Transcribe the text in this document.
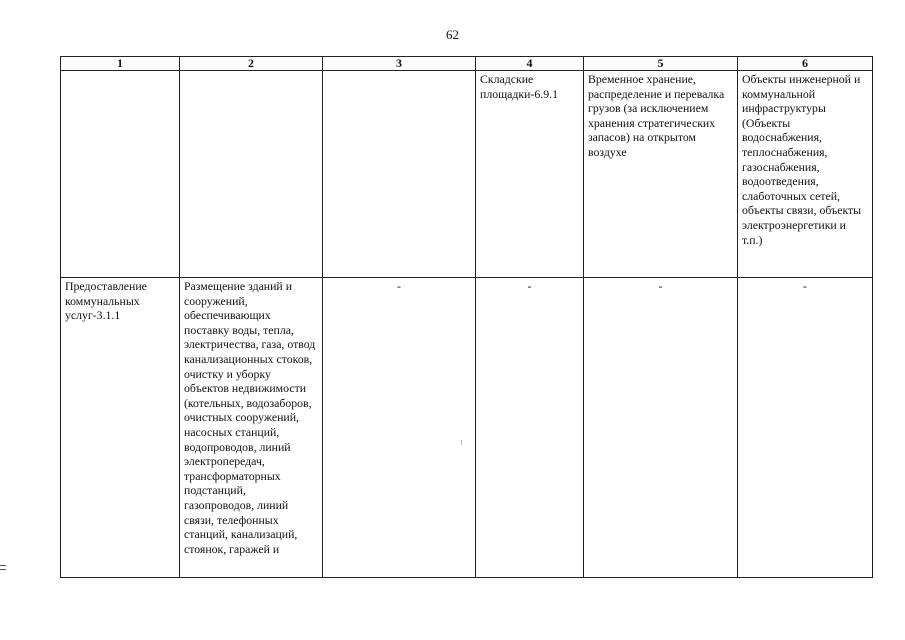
62
1	2	3	4	5	6
			Складские площадки-6.9.1	Временное хранение, распределение и перевалка грузов (за исключением хранения стратегических запасов) на открытом воздухе	Объекты инженерной и коммунальной инфраструктуры (Объекты водоснабжения, теплоснабжения, газоснабжения, водоотведения, слаботочных сетей, объекты связи, объекты электроэнергетики и т.п.)
Предоставление коммунальных услуг-3.1.1	Размещение зданий и сооружений, обеспечивающих поставку воды, тепла, электричества, газа, отвод канализационных стоков, очистку и уборку объектов недвижимости (котельных, водозаборов, очистных сооружений, насосных станций, водопроводов, линий электропередач, трансформаторных подстанций, газопроводов, линий связи, телефонных станций, канализаций, стоянок, гаражей и	-	-	-	-
